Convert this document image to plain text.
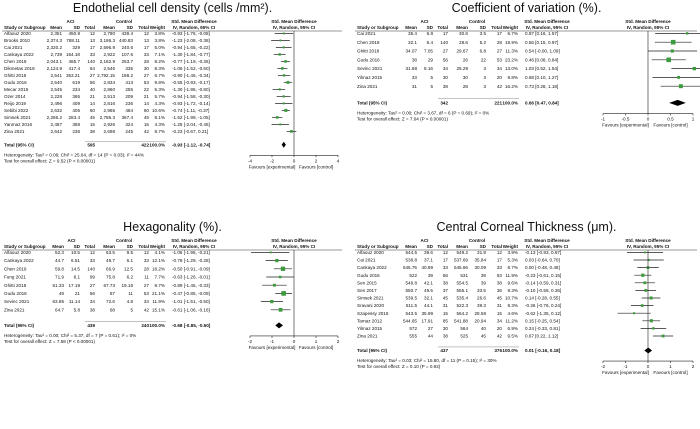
Endothelial cell density (cells /mm²).
ACI	Control	Std. Mean Difference
IV, Random, 95% CI
Std. Mean Difference
IV, Random, 95% CI
Study or Subgroup Mean	SD Total Mean	SD Total Weight
Alfaouz 2020	2,351 450.9 12 2,780 439.4 12 3.8% -0.93 [-1.76, -0.08]
Brooks 2010	2,374.3 788.11 13 3,186.3 440.83 13 3.8% -1.23 [-2.08, -0.38]
Cai 2021	2,320.2 329 17 2,596.9 240.6 17 5.0% -0.94 [-1.65, -0.22]
Cankaya 2022	2,739 164.18 33 2,922 107.6 33 7.1% -1.30 [-1.84, -0.77]
Chen 2019	2,043.1 465.7 140 2,182.9 253.7 28 8.2% -0.77 [-1.19, -0.36]
Dikmetas 2018	2,124.9 417.4 64 2,546 335 30 8.3% -1.06 [-1.52, -0.60]
Ghitti 2018	2,541 353.21 27 2,792.15 188.2 27 6.7% -0.90 [-1.46, -0.34]
Gudu 2016	2,540 619 56 2,834 413 53 9.8% -0.55 [-0.93, -0.17]
Mecar 2015	2,545 234 40 2,860 255 22 5.3% -1.30 [-1.95, -0.80]
Ozer 2014	2,228 365 21 2,513 209 21 5.7% -0.94 [-1.58, -0.30]
Reijo 2019	2,496 409 14 2,816 236 14 4.3% -0.93 [-1.72, -0.14]
Sebibi 2022	2,632 405 60 2,965 484 60 10.6% -0.74 [-1.11, -0.37]
Simsek 2021	2,286.2 283.4 45 2,786.3 367.4 45 8.1% -1.52 [-1.99, -1.05]
Yanmaz 2016	2,487 358 15 2,926 324 15 4.3% -1.25 [-2.04, -0.46]
Zina 2021	2,642 236 38 2,698 245 42 8.7% -0.23 [-0.67, 0.21]
Total (95% CI)	595	422 100.0% -0.93 [-1.12, -0.74]
-4	-2	0	2	4
Favours [experimental] Favours [control]
Heterogeneity: Tau² = 0.06; Chi² = 25.04, df = 14 (P = 0.03); I² = 44%
Test for overall effect: Z = 9.52 (P < 0.00001)
Coefficient of variation (%).
ACI	Control	Std. Mean Difference
IV, Random, 95% CI
Std. Mean Difference
IV, Random, 95% CI
Study or Subgroup Mean SD Total Mean	SD Total Weight
Cai 2021	35.4 6.8 17 30.6	3.5 17 6.7% 0.87 [0.16, 1.57]
Chen 2019	32.1 6.4 140 28.6	5.2 28 19.9% 0.56 [0.15, 0.97]
Ghitti 2018	34.07 7.05 27 29.67	6.8 27 11.3% 0.54 [-0.00, 1.09]
Gudu 2016	38 29 56	26	22 53 23.2% 0.46 [0.08, 0.84]
Sevinc 2021	31.68 8.16 34 25.29	3 34 13.0% 1.03 [0.52, 1.54]
Yilmaz 2015	33	5 30	30	3 20 9.8% 0.68 [0.10, 1.27]
Zina 2021	31	5 38	28	3 42 16.2% 0.73 [0.28, 1.18]
Total (95% CI)	342	221 100.0% 0.66 [0.47, 0.84]
-1	-0.5	0	0.5	1
Favours [experimental] Favours [control]
Heterogeneity: Tau² = 0.00; Chi² = 3.67, df = 6 (P = 0.69); I² = 0%
Test for overall effect: Z = 7.04 (P < 0.00001)
Hexagonality (%).
ACI	Control	Std. Mean Difference
IV, Random, 95% CI
Std. Mean Difference
IV, Random, 95% CI
Study or Subgroup Mean SD Total Mean	SD Total Weight
Alfaouz 2020	52.3 10.5 12 63.5	9.5 12 4.1% -1.06 [-1.95, -0.21]
Cankaya 2022	44.7 6.51 33 49.7	6.1 33 12.1% -0.78 [-1.29, -0.28]
Chen 2019	59.8 14.5 140 66.9 12.5 28 18.2% -0.50 [-0.91, -0.09]
Fung 2021	71.9 8.1 99 75.8	6.2 11 7.7% -0.63 [-1.26, -0.01]
Ghitti 2018	51.33 17.19 27 67.73 19.16 27 9.7% -0.89 [-1.45, -0.33]
Gudu 2016	49 21 56	57	11 53 21.1% -0.47 [-0.85, -0.09]
Sevinc 2021	63.85 11.14 34 72.6	4.8 34 11.9% -1.01 [-1.51, -0.50]
Zina 2021	64.7 5.8 38	68	5 42 15.1% -0.61 [-1.06, -0.16]
Total (95% CI)	439	240 100.0% -0.68 [-0.85, -0.50]
-2	-1	0	1	2
Favours [experimental] Favours [control]
Heterogeneity: Tau² = 0.00; Chi² = 5.37, df = 7 (P = 0.61); I² = 0%
Test for overall effect: Z = 7.58 (P < 0.00001)
Central Corneal Thickness (μm).
ACI	Control	Std. Mean Difference
IV, Random, 95% CI
Std. Mean Difference
IV, Random, 95% CI
Study or Subgroup Mean SD Total Mean	SD Total Weight
Alfaouz 2020	544.5 39.6 12 549.2 31.9 12 3.9% -0.13 [-0.93, 0.67]
Cai 2021	538.8 37.1 17 537.69 35.84 17 5.3% 0.03 [-0.64, 0.70]
Cankaya 2022	545.75 40.89 33 545.66 30.09 33 8.7% 0.00 [-0.48, 0.48]
Gudu 2016	522 39 56	531	39 53 11.9% -0.23 [-0.61, 0.15]
Sen 2015	548.8 42.1 38 554.5	39 38 9.6% -0.14 [-0.59, 0.31]
Sen 2017	550.7 49.5 37 555.1 33.5 36 9.3% -0.10 [-0.56, 0.36]
Simsek 2021	539.5 32.1 45 535.4 26.6 45 10.7% 0.14 [-0.28, 0.55]
Sravani 2020	511.5 44.1 31 522.3 39.3 31 8.3% -0.26 [-0.76, 0.24]
Szapessy 2016	543.5 35.99 15 564.2 28.58 15 4.6% -0.62 [-1.35, 0.12]
Tamaz 2012	544.65 17.91 85 541.88 20.94 34 11.2% 0.15 [-0.25, 0.54]
Yilmaz 2015	572 27 30	564	40 20 6.9% 0.24 [-0.33, 0.81]
Zina 2021	555 44 38	525	45 42 9.5% 0.67 [0.22, 1.12]
Total (95% CI)	437	376 100.0% 0.01 [-0.16, 0.18]
-2	-1	0	1	2
Favours [experimental] Favours [control]
Heterogeneity: Tau² = 0.03; Chi² = 15.80, df = 11 (P = 0.15); I² = 30%
Test for overall effect: Z = 0.10 (P = 0.92)
